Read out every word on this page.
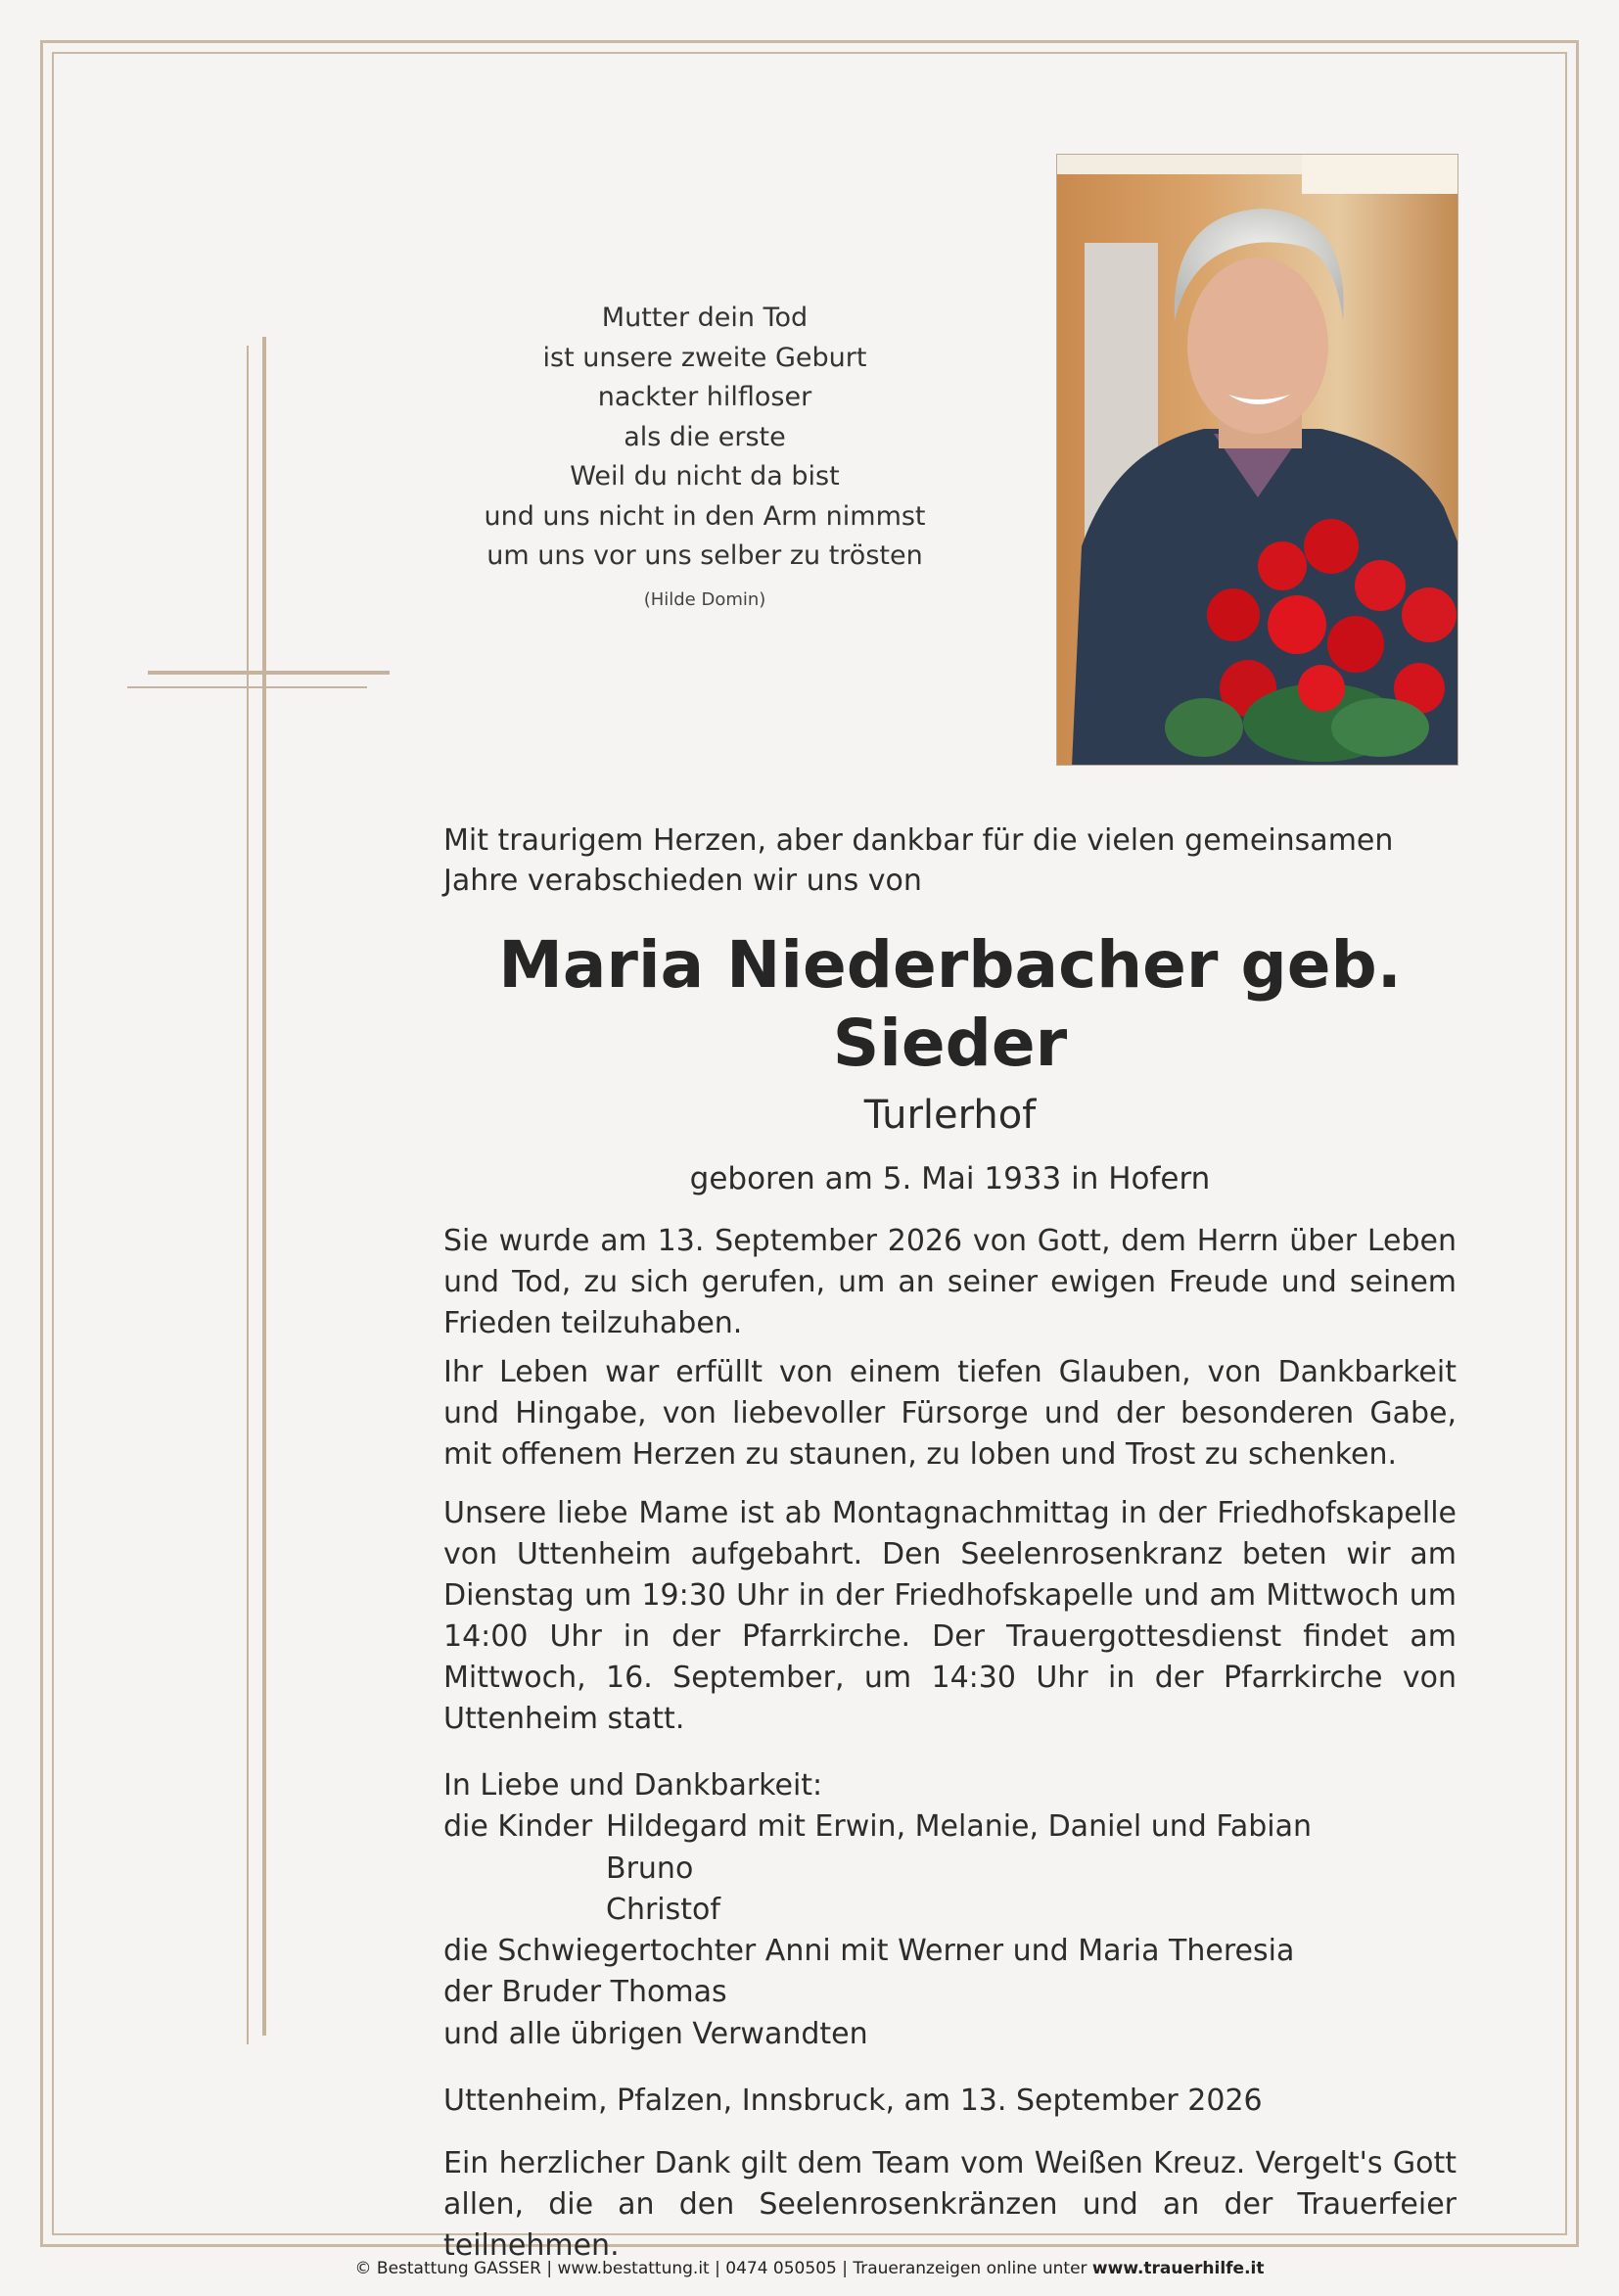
Mutter dein Tod
ist unsere zweite Geburt
nackter hilfloser
als die erste
Weil du nicht da bist
und uns nicht in den Arm nimmst
um uns vor uns selber zu trösten
(Hilde Domin)

Mit traurigem Herzen, aber dankbar für die vielen gemeinsamen Jahre verabschieden wir uns von

Maria Niederbacher geb. Sieder
Turlerhof
geboren am 5. Mai 1933 in Hofern

Sie wurde am 13. September 2026 von Gott, dem Herrn über Leben und Tod, zu sich gerufen, um an seiner ewigen Freude und seinem Frieden teilzuhaben.

Ihr Leben war erfüllt von einem tiefen Glauben, von Dankbarkeit und Hingabe, von liebevoller Fürsorge und der besonderen Gabe, mit offenem Herzen zu staunen, zu loben und Trost zu schenken.

Unsere liebe Mame ist ab Montagnachmittag in der Friedhofskapelle von Uttenheim aufgebahrt. Den Seelenrosenkranz beten wir am Dienstag um 19:30 Uhr in der Friedhofskapelle und am Mittwoch um 14:00 Uhr in der Pfarrkirche. Der Trauergottesdienst findet am Mittwoch, 16. September, um 14:30 Uhr in der Pfarrkirche von Uttenheim statt.

In Liebe und Dankbarkeit:
die Kinder Hildegard mit Erwin, Melanie, Daniel und Fabian
Bruno
Christof
die Schwiegertochter Anni mit Werner und Maria Theresia
der Bruder Thomas
und alle übrigen Verwandten
Uttenheim, Pfalzen, Innsbruck, am 13. September 2026

Ein herzlicher Dank gilt dem Team vom Weißen Kreuz. Vergelt's Gott allen, die an den Seelenrosenkränzen und an der Trauerfeier teilnehmen.

© Bestattung GASSER | www.bestattung.it | 0474 050505 | Traueranzeigen online unter www.trauerhilfe.it
